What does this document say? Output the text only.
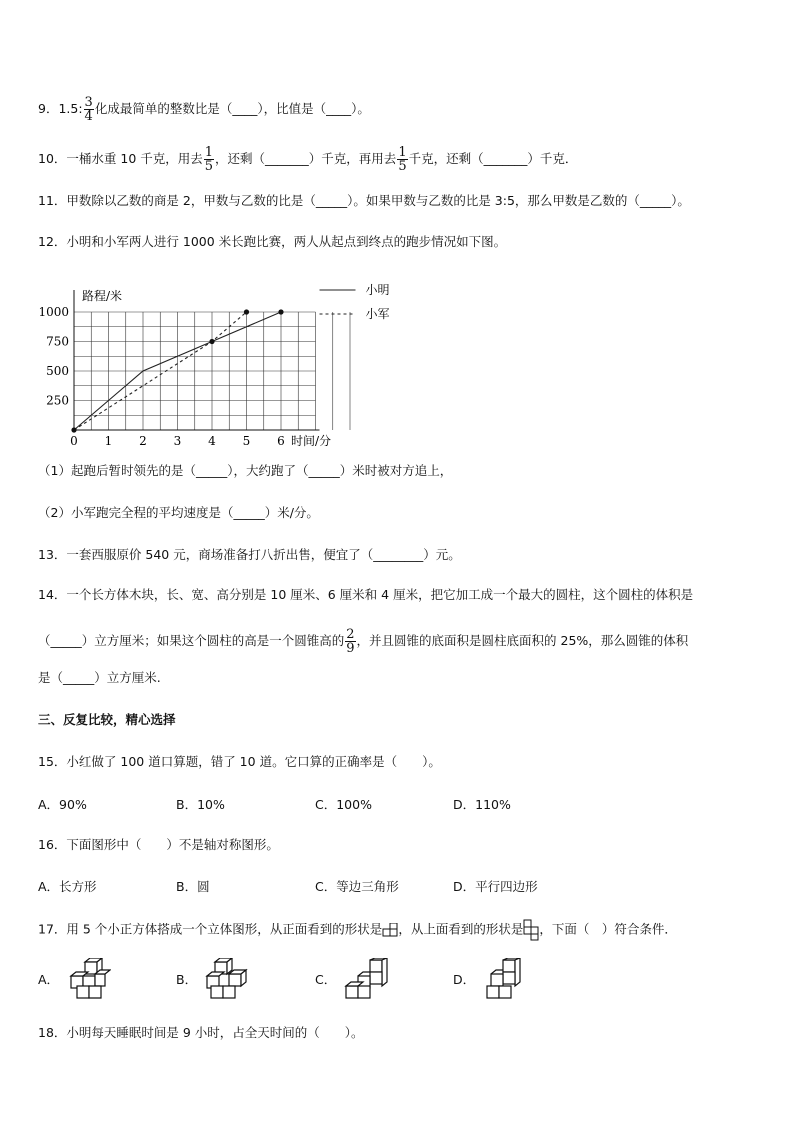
9．1.5: $\frac{3}{4}$ 化成最简单的整数比是（____），比值是（____）。
10．一桶水重 10 千克，用去 $\frac{1}{5}$ ，还剩（_______）千克，再用去 $\frac{1}{5}$ 千克，还剩（_______）千克．
11．甲数除以乙数的商是 2，甲数与乙数的比是（_____）。如果甲数与乙数的比是 3:5，那么甲数是乙数的（_____）。
12．小明和小军两人进行 1000 米长跑比赛，两人从起点到终点的跑步情况如下图。
0 1 2 3 4 5 6
250
500
750
1000
路程/米
时间/分
小明
小军
（1）起跑后暂时领先的是（_____），大约跑了（_____）米时被对方追上，
（2）小军跑完全程的平均速度是（_____）米/分。
13．一套西服原价 540 元，商场准备打八折出售，便宜了（________）元。
14．一个长方体木块，长、宽、高分别是 10 厘米、6 厘米和 4 厘米，把它加工成一个最大的圆柱，这个圆柱的体积是
（_____）立方厘米；如果这个圆柱的高是一个圆锥高的 $\frac{2}{9}$ ，并且圆锥的底面积是圆柱底面积的 25%，那么圆锥的体积
是（_____）立方厘米.
三、反复比较，精心选择
15．小红做了 100 道口算题，错了 10 道。它口算的正确率是（　　）。
A．90%	B．10%	C．100%	D．110%
16．下面图形中（　　）不是轴对称图形。
A．长方形	B．圆	C．等边三角形	D．平行四边形
17．用 5 个小正方体搭成一个立体图形，从正面看到的形状是 ，从上面看到的形状是 ，下面（　）符合条件．
A．	B．	C．	D．
18．小明每天睡眠时间是 9 小时，占全天时间的（　　）。
